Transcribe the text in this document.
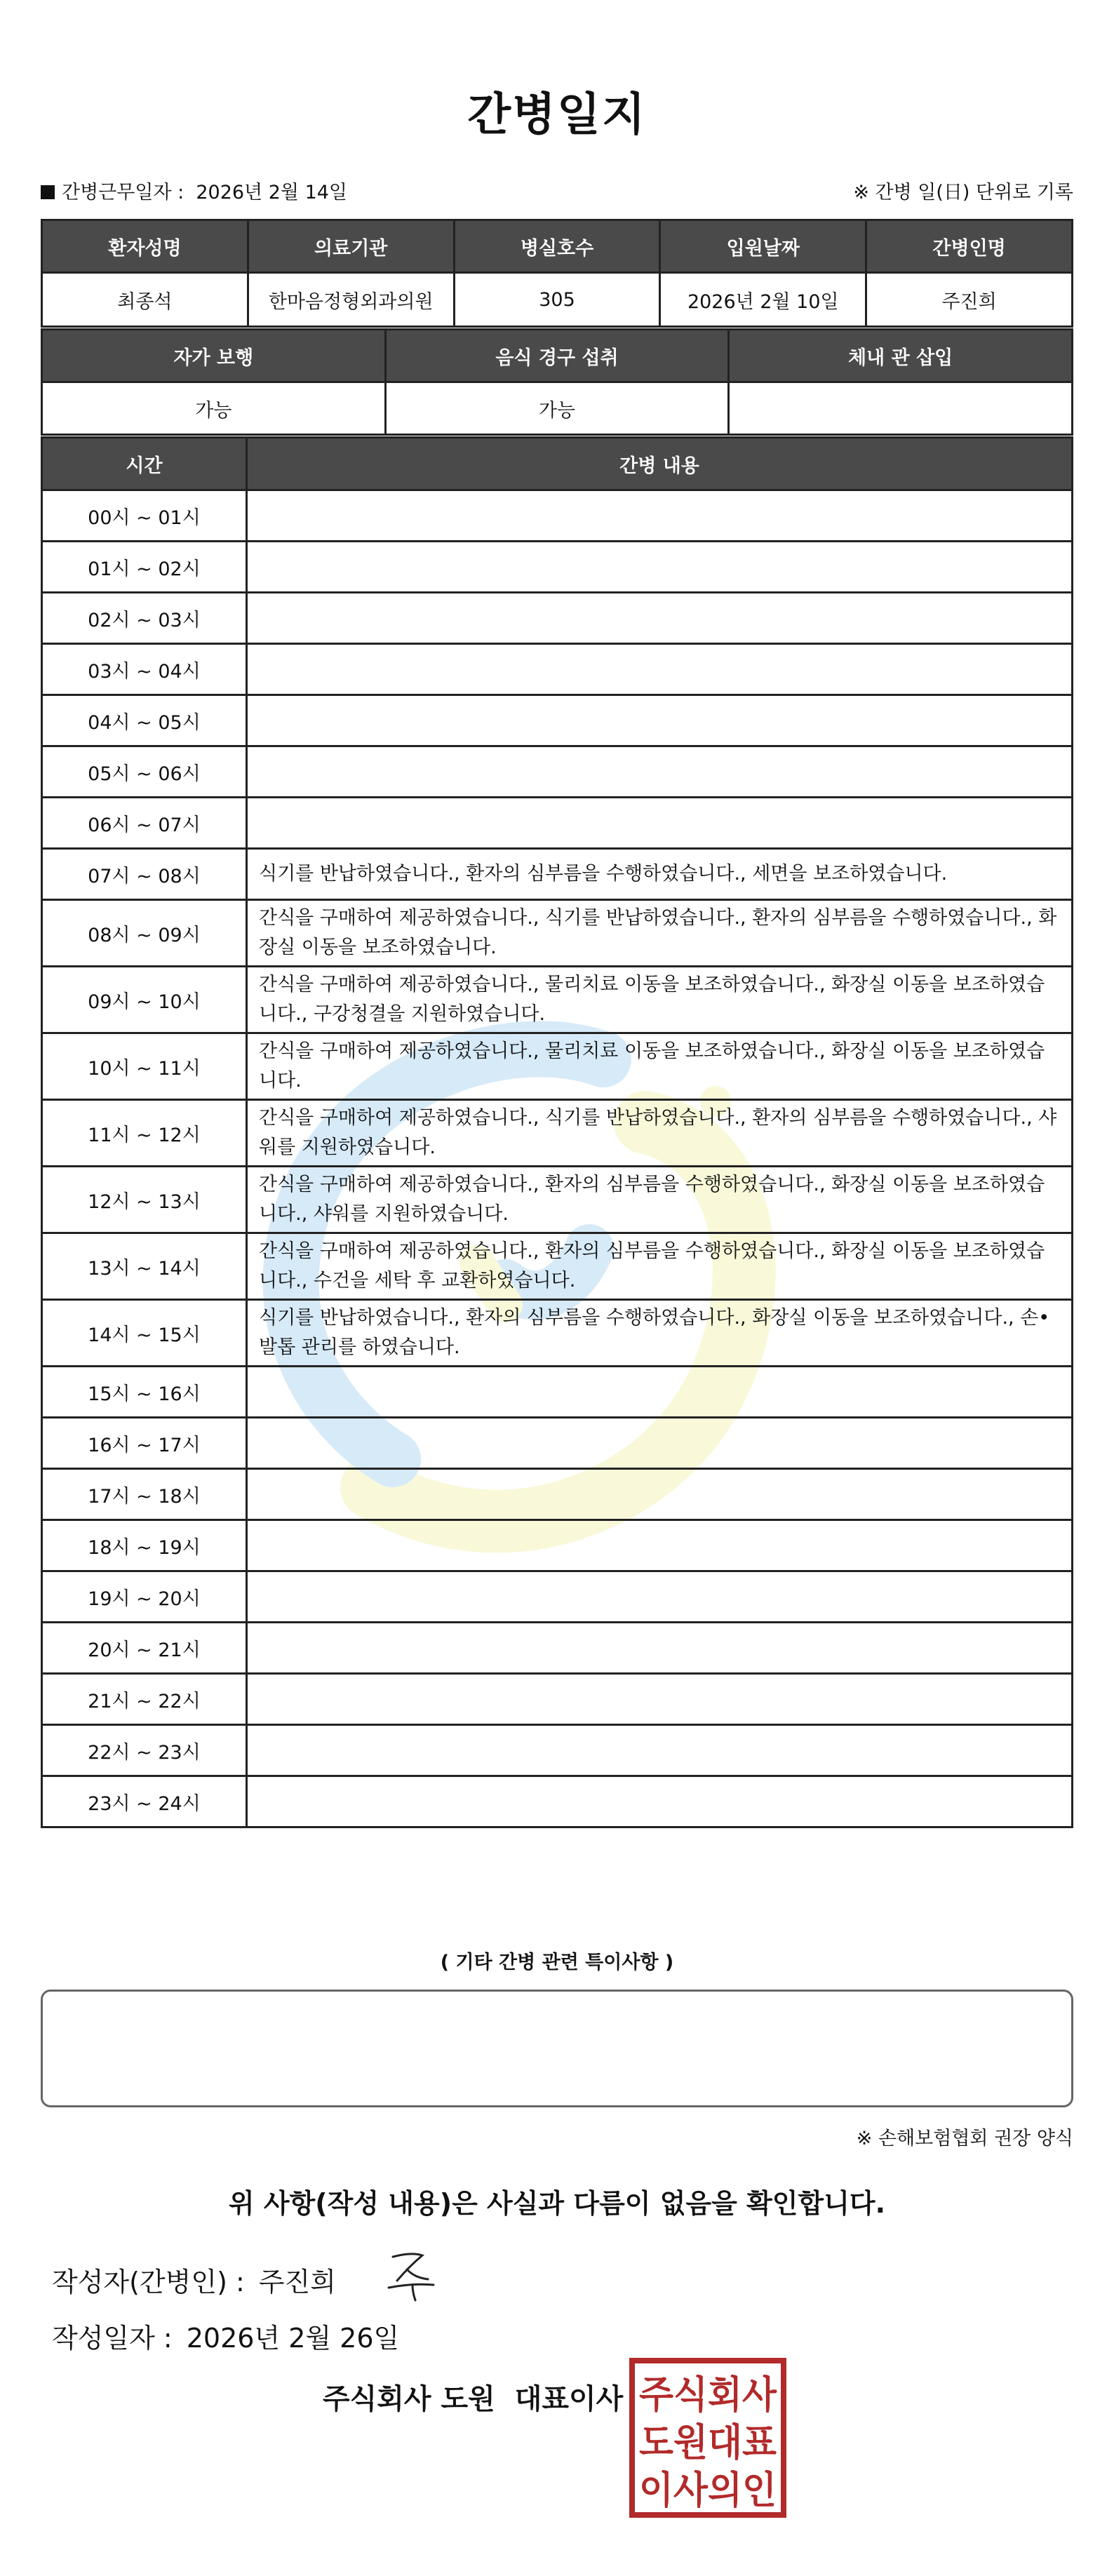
간병일지
간병근무일자 : 2026년 2월 14일	※ 간병 일(日) 단위로 기록
환자성명	의료기관	병실호수	입원날짜	간병인명
최종석	한마음정형외과의원	305	2026년 2월 10일	주진희
자가 보행	음식 경구 섭취	체내 관 삽입
가능	가능	
시간	간병 내용
00시 ~ 01시	
01시 ~ 02시	
02시 ~ 03시	
03시 ~ 04시	
04시 ~ 05시	
05시 ~ 06시	
06시 ~ 07시	
07시 ~ 08시	식기를 반납하였습니다., 환자의 심부름을 수행하였습니다., 세면을 보조하였습니다.
08시 ~ 09시	간식을 구매하여 제공하였습니다., 식기를 반납하였습니다., 환자의 심부름을 수행하였습니다., 화장실 이동을 보조하였습니다.
09시 ~ 10시	간식을 구매하여 제공하였습니다., 물리치료 이동을 보조하였습니다., 화장실 이동을 보조하였습니다., 구강청결을 지원하였습니다.
10시 ~ 11시	간식을 구매하여 제공하였습니다., 물리치료 이동을 보조하였습니다., 화장실 이동을 보조하였습니다.
11시 ~ 12시	간식을 구매하여 제공하였습니다., 식기를 반납하였습니다., 환자의 심부름을 수행하였습니다., 샤워를 지원하였습니다.
12시 ~ 13시	간식을 구매하여 제공하였습니다., 환자의 심부름을 수행하였습니다., 화장실 이동을 보조하였습니다., 샤워를 지원하였습니다.
13시 ~ 14시	간식을 구매하여 제공하였습니다., 환자의 심부름을 수행하였습니다., 화장실 이동을 보조하였습니다., 수건을 세탁 후 교환하였습니다.
14시 ~ 15시	식기를 반납하였습니다., 환자의 심부름을 수행하였습니다., 화장실 이동을 보조하였습니다., 손•발톱 관리를 하였습니다.
15시 ~ 16시	
16시 ~ 17시	
17시 ~ 18시	
18시 ~ 19시	
19시 ~ 20시	
20시 ~ 21시	
21시 ~ 22시	
22시 ~ 23시	
23시 ~ 24시	
( 기타 간병 관련 특이사항 )
※ 손해보험협회 권장 양식
위 사항(작성 내용)은 사실과 다름이 없음을 확인합니다.
작성자(간병인) : 주진희
작성일자 : 2026년 2월 26일
주식회사 도원 대표이사 주식회사
도원대표
이사의인
